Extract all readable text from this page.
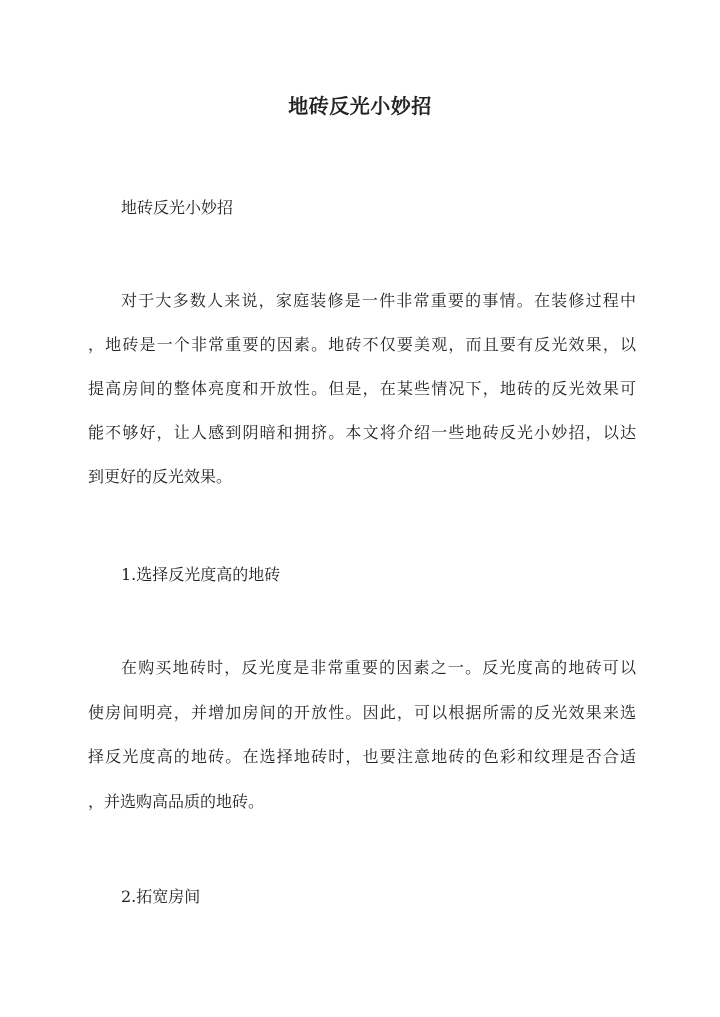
地砖反光小妙招
地砖反光小妙招
对于大多数人来说，家庭装修是一件非常重要的事情。在装修过程中
，地砖是一个非常重要的因素。地砖不仅要美观，而且要有反光效果，以
提高房间的整体亮度和开放性。但是，在某些情况下，地砖的反光效果可
能不够好，让人感到阴暗和拥挤。本文将介绍一些地砖反光小妙招，以达
到更好的反光效果。
1.选择反光度高的地砖
在购买地砖时，反光度是非常重要的因素之一。反光度高的地砖可以
使房间明亮，并增加房间的开放性。因此，可以根据所需的反光效果来选
择反光度高的地砖。在选择地砖时，也要注意地砖的色彩和纹理是否合适
，并选购高品质的地砖。
2.拓宽房间
